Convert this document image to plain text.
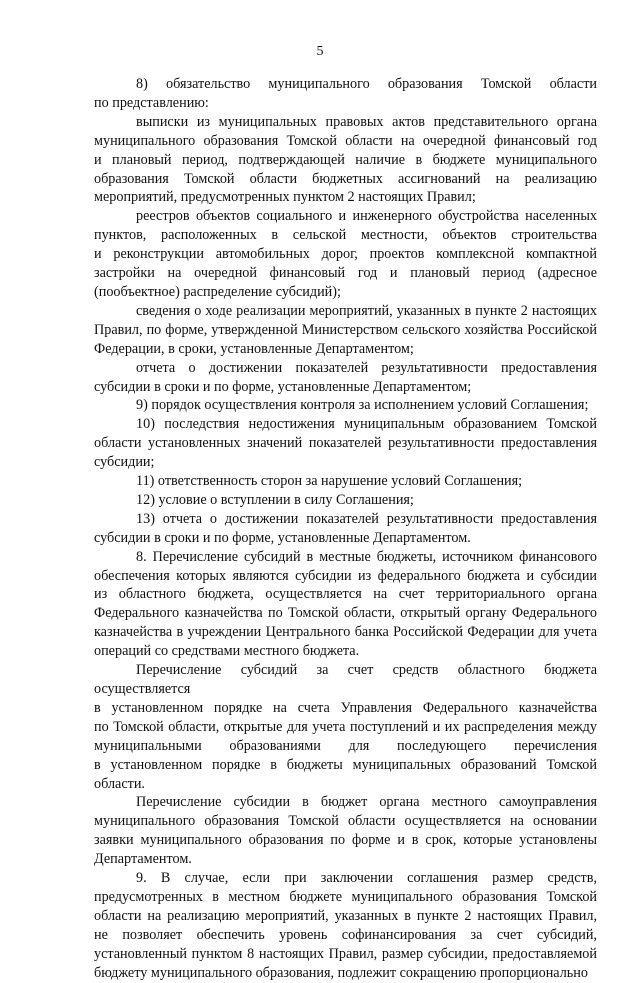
5

8) обязательство муниципального образования Томской области
по представлению:

выписки из муниципальных правовых актов представительного органа
муниципального образования Томской области на очередной финансовый год
и плановый период, подтверждающей наличие в бюджете муниципального
образования Томской области бюджетных ассигнований на реализацию
мероприятий, предусмотренных пунктом 2 настоящих Правил;

реестров объектов социального и инженерного обустройства населенных
пунктов, расположенных в сельской местности, объектов строительства
и реконструкции автомобильных дорог, проектов комплексной компактной
застройки на очередной финансовый год и плановый период (адресное
(пообъектное) распределение субсидий);

сведения о ходе реализации мероприятий, указанных в пункте 2 настоящих
Правил, по форме, утвержденной Министерством сельского хозяйства Российской
Федерации, в сроки, установленные Департаментом;

отчета о достижении показателей результативности предоставления
субсидии в сроки и по форме, установленные Департаментом;

9) порядок осуществления контроля за исполнением условий Соглашения;

10) последствия недостижения муниципальным образованием Томской
области установленных значений показателей результативности предоставления
субсидии;

11) ответственность сторон за нарушение условий Соглашения;

12) условие о вступлении в силу Соглашения;

13) отчета о достижении показателей результативности предоставления
субсидии в сроки и по форме, установленные Департаментом.

8. Перечисление субсидий в местные бюджеты, источником финансового
обеспечения которых являются субсидии из федерального бюджета и субсидии
из областного бюджета, осуществляется на счет территориального органа
Федерального казначейства по Томской области, открытый органу Федерального
казначейства в учреждении Центрального банка Российской Федерации для учета
операций со средствами местного бюджета.

Перечисление субсидий за счет средств областного бюджета осуществляется
в установленном порядке на счета Управления Федерального казначейства
по Томской области, открытые для учета поступлений и их распределения между
муниципальными образованиями для последующего перечисления
в установленном порядке в бюджеты муниципальных образований Томской
области.

Перечисление субсидии в бюджет органа местного самоуправления
муниципального образования Томской области осуществляется на основании
заявки муниципального образования по форме и в срок, которые установлены
Департаментом.

9. В случае, если при заключении соглашения размер средств,
предусмотренных в местном бюджете муниципального образования Томской
области на реализацию мероприятий, указанных в пункте 2 настоящих Правил,
не позволяет обеспечить уровень софинансирования за счет субсидий,
установленный пунктом 8 настоящих Правил, размер субсидии, предоставляемой
бюджету муниципального образования, подлежит сокращению пропорционально
